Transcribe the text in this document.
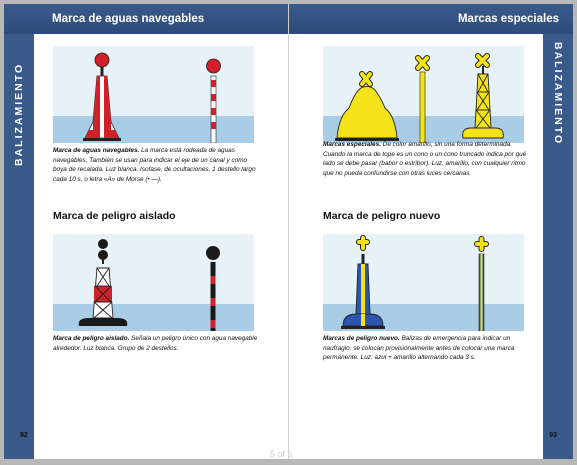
Marca de aguas navegables
BALIZAMIENTO	Marca de aguas navegables. La marca está rodeada de aguas navegables. También se usan para indicar el eje de un canal y como boya de recalada. Luz blanca. Isofase, de ocultaciones, 1 destello largo cada 10 s, o letra «A» de Morse (• —).
Marca de peligro aislado
Marca de peligro aislado. Señala un peligro único con agua navegable alrededor. Luz blanca. Grupo de 2 destellos.
92
Marcas especiales
BALIZAMIENTO
Marcas especiales. De color amarillo, sin una forma determinada. Cuando la marca de tope es un cono o un cono truncado indica por qué lado se debe pasar (babor o estribor). Luz: amarillo, con cualquier ritmo que no pueda confundirse con otras luces cercanas.
Marca de peligro nuevo
Marcas de peligro nuevo. Balizas de emergencia para indicar un naufragio; se colocan provisionalmente antes de colocar una marca permanente. Luz: azul + amarillo alternando cada 3 s.
93
5 of 6
